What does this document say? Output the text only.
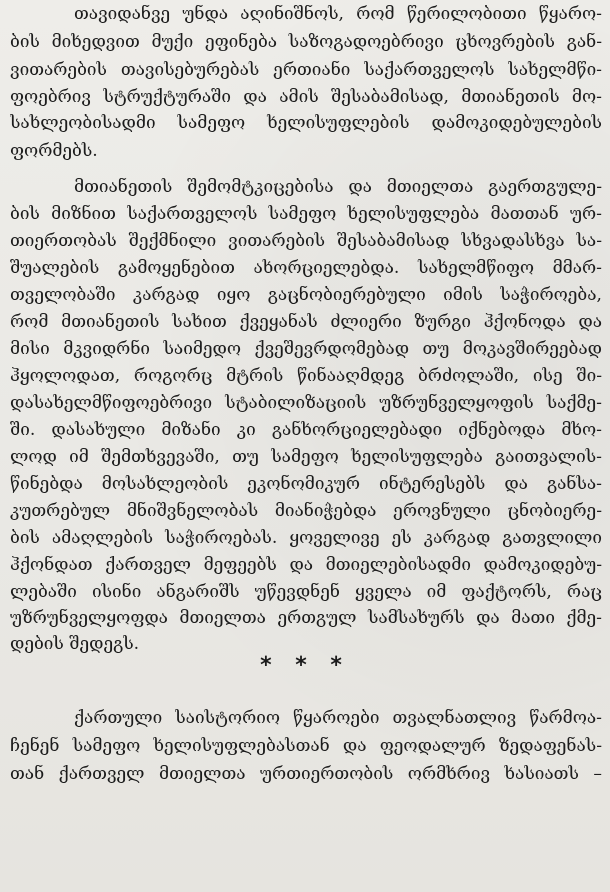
თავიდანვე უნდა აღინიშნოს, რომ წერილობითი წყარო-
ბის მიხედვით მუქი ეფინება საზოგადოებრივი ცხოვრების გან-
ვითარების თავისებურებას ერთიანი საქართველოს სახელმწი-
ფოებრივ სტრუქტურაში და ამის შესაბამისად, მთიანეთის მო-
სახლეობისადმი სამეფო ხელისუფლების დამოკიდებულების
ფორმებს.
მთიანეთის შემომტკიცებისა და მთიელთა გაერთგულე-
ბის მიზნით საქართველოს სამეფო ხელისუფლება მათთან ურ-
თიერთობას შექმნილი ვითარების შესაბამისად სხვადასხვა სა-
შუალების გამოყენებით ახორციელებდა. სახელმწიფო მმარ-
თველობაში კარგად იყო გაცნობიერებული იმის საჭიროება,
რომ მთიანეთის სახით ქვეყანას ძლიერი ზურგი ჰქონოდა და
მისი მკვიდრნი საიმედო ქვეშევრდომებად თუ მოკავშირეებად
ჰყოლოდათ, როგორც მტრის წინააღმდეგ ბრძოლაში, ისე ში-
დასახელმწიფოებრივი სტაბილიზაციის უზრუნველყოფის საქმე-
ში. დასახული მიზანი კი განხორციელებადი იქნებოდა მხო-
ლოდ იმ შემთხვევაში, თუ სამეფო ხელისუფლება გაითვალის-
წინებდა მოსახლეობის ეკონომიკურ ინტერესებს და განსა-
კუთრებულ მნიშვნელობას მიანიჭებდა ეროვნული ცნობიერე-
ბის ამაღლების საჭიროებას. ყოველივე ეს კარგად გათვლილი
ჰქონდათ ქართველ მეფეებს და მთიელებისადმი დამოკიდებუ-
ლებაში ისინი ანგარიშს უწევდნენ ყველა იმ ფაქტორს, რაც
უზრუნველყოფდა მთიელთა ერთგულ სამსახურს და მათი ქმე-
დების შედეგს.
* * *
ქართული საისტორიო წყაროები თვალნათლივ წარმოა-
ჩენენ სამეფო ხელისუფლებასთან და ფეოდალურ ზედაფენას-
თან ქართველ მთიელთა ურთიერთობის ორმხრივ ხასიათს –
